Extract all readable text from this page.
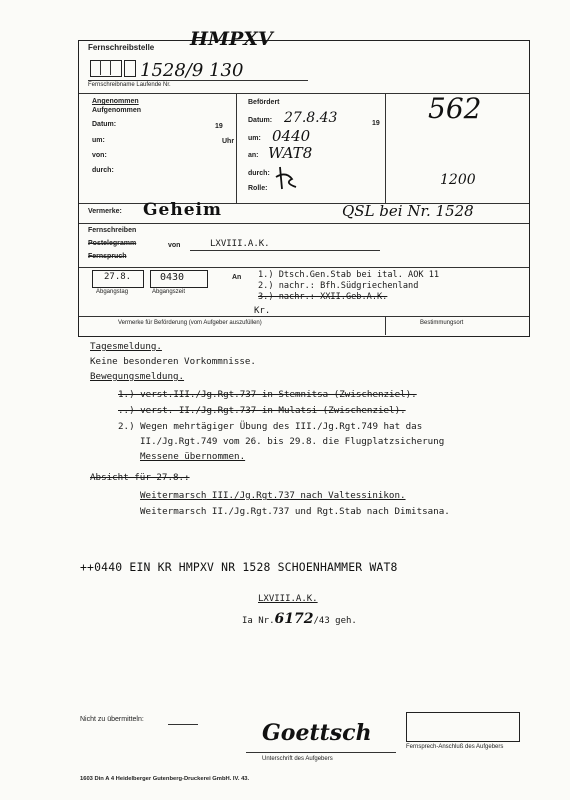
Fernschreibstelle HMPXV
1528/9 130
Fernschreibname Laufende Nr.
Angenommen
Aufgenommen
Datum:	19
um:	Uhr
von:
durch:
Befördert
Datum: 27.8.43	19
um: 0440
an: WAT8
durch:
Rolle:
562
1200
Vermerke: Geheim	QSL bei Nr. 1528
Fernschreiben
Postelegramm
Fernspruch
von	LXVIII.A.K.
27.8.
Abgangstag
0430
Abgangszeit
An 1.) Dtsch.Gen.Stab bei ital. AOK 11
2.) nachr.: Bfh.Südgriechenland
3.) nachr.: XXII.Geb.A.K.
Kr.
Vermerke für Beförderung (vom Aufgeber auszufüllen)	Bestimmungsort
Tagesmeldung.
Keine besonderen Vorkommnisse.
Bewegungsmeldung.
1.) verst.III./Jg.Rgt.737 in Stemnitsa (Zwischenziel).
..) verst. II./Jg.Rgt.737 in Mulatsi (Zwischenziel).
2.) Wegen mehrtägiger Übung des III./Jg.Rgt.749 hat das
II./Jg.Rgt.749 vom 26. bis 29.8. die Flugplatzsicherung
Messene übernommen.
Absicht für 27.8.:
Weitermarsch III./Jg.Rgt.737 nach Valtessinikon.
Weitermarsch II./Jg.Rgt.737 und Rgt.Stab nach Dimitsana.
++0440 EIN KR HMPXV NR 1528 SCHOENHAMMER WAT8
LXVIII.A.K.
Ia Nr.6172/43 geh.
Nicht zu übermitteln:
Goettsch
Unterschrift des Aufgebers
Fernsprech-Anschluß des Aufgebers
1603 Din A 4 Heidelberger Gutenberg-Druckerei GmbH. IV. 43.
